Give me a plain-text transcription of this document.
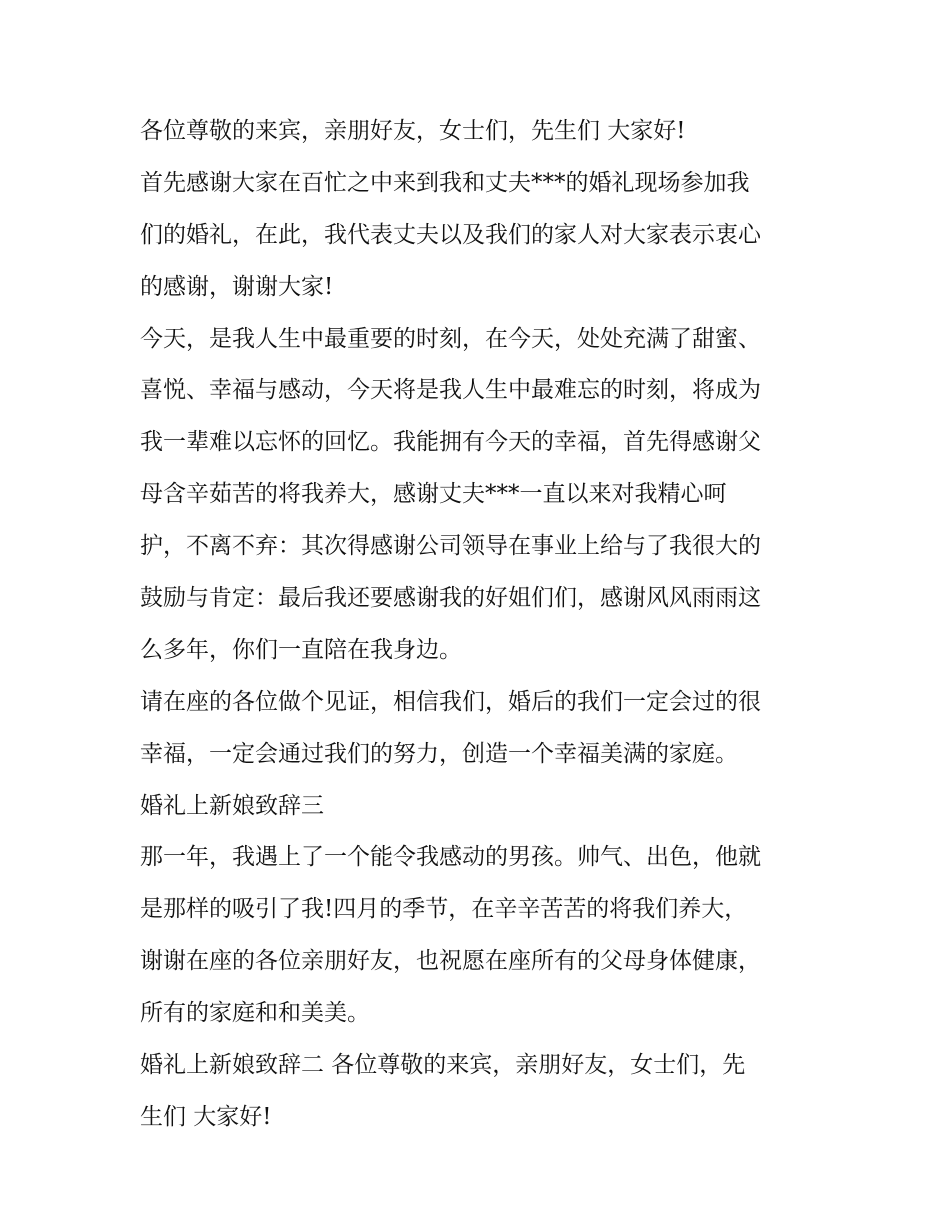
各位尊敬的来宾，亲朋好友，女士们，先生们 大家好!
首先感谢大家在百忙之中来到我和丈夫***的婚礼现场参加我
们的婚礼，在此，我代表丈夫以及我们的家人对大家表示衷心
的感谢，谢谢大家!
今天，是我人生中最重要的时刻，在今天，处处充满了甜蜜、
喜悦、幸福与感动，今天将是我人生中最难忘的时刻，将成为
我一辈难以忘怀的回忆。我能拥有今天的幸福，首先得感谢父
母含辛茹苦的将我养大，感谢丈夫***一直以来对我精心呵
护，不离不弃：其次得感谢公司领导在事业上给与了我很大的
鼓励与肯定：最后我还要感谢我的好姐们们，感谢风风雨雨这
么多年，你们一直陪在我身边。
请在座的各位做个见证，相信我们，婚后的我们一定会过的很
幸福，一定会通过我们的努力，创造一个幸福美满的家庭。
婚礼上新娘致辞三
那一年，我遇上了一个能令我感动的男孩。帅气、出色，他就
是那样的吸引了我!四月的季节，在辛辛苦苦的将我们养大，
谢谢在座的各位亲朋好友，也祝愿在座所有的父母身体健康，
所有的家庭和和美美。
婚礼上新娘致辞二 各位尊敬的来宾，亲朋好友，女士们，先
生们 大家好!
